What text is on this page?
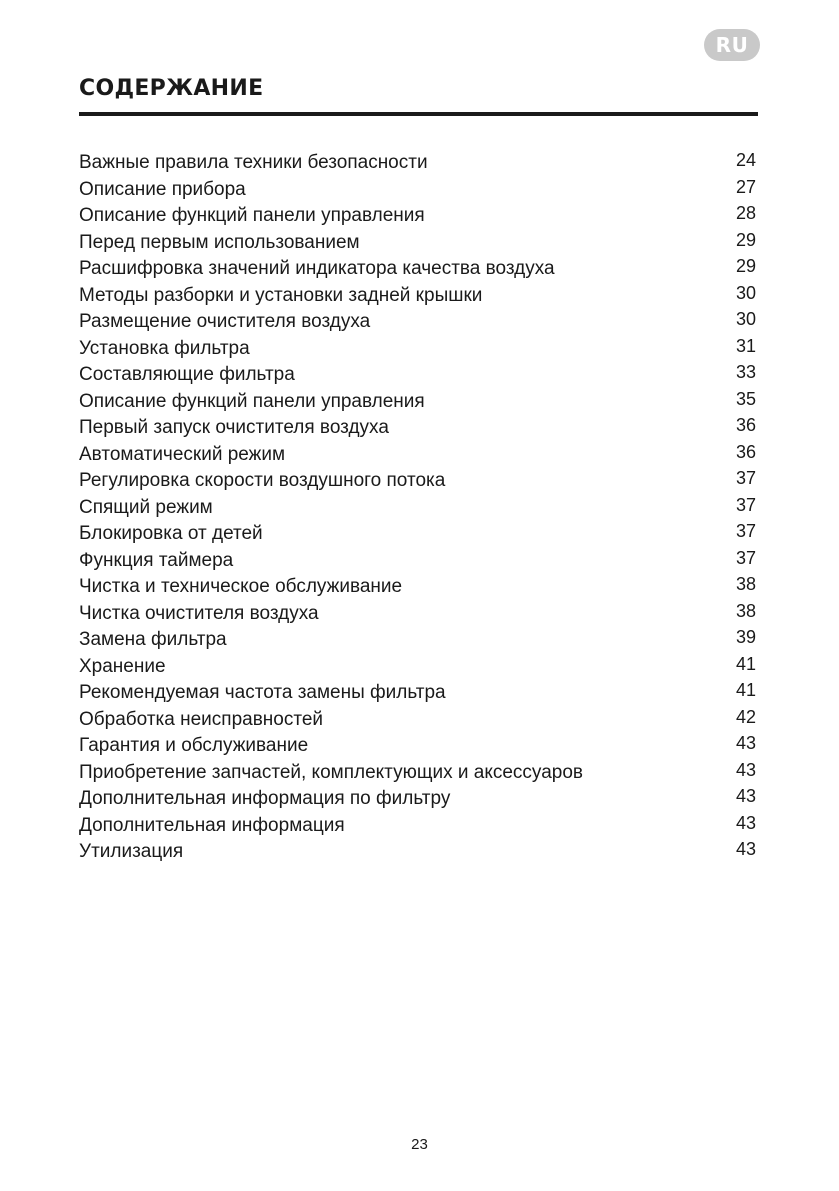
RU
СОДЕРЖАНИЕ
Важные правила техники безопасности	24
Описание прибора	27
Описание функций панели управления	28
Перед первым использованием	29
Расшифровка значений индикатора качества воздуха	29
Методы разборки и установки задней крышки	30
Размещение очистителя воздуха	30
Установка фильтра	31
Составляющие фильтра	33
Описание функций панели управления	35
Первый запуск очистителя воздуха	36
Автоматический режим	36
Регулировка скорости воздушного потока	37
Спящий режим	37
Блокировка от детей	37
Функция таймера	37
Чистка и техническое обслуживание	38
Чистка очистителя воздуха	38
Замена фильтра	39
Хранение	41
Рекомендуемая частота замены фильтра	41
Обработка неисправностей	42
Гарантия и обслуживание	43
Приобретение запчастей, комплектующих и аксессуаров	43
Дополнительная информация по фильтру	43
Дополнительная информация	43
Утилизация	43
23
